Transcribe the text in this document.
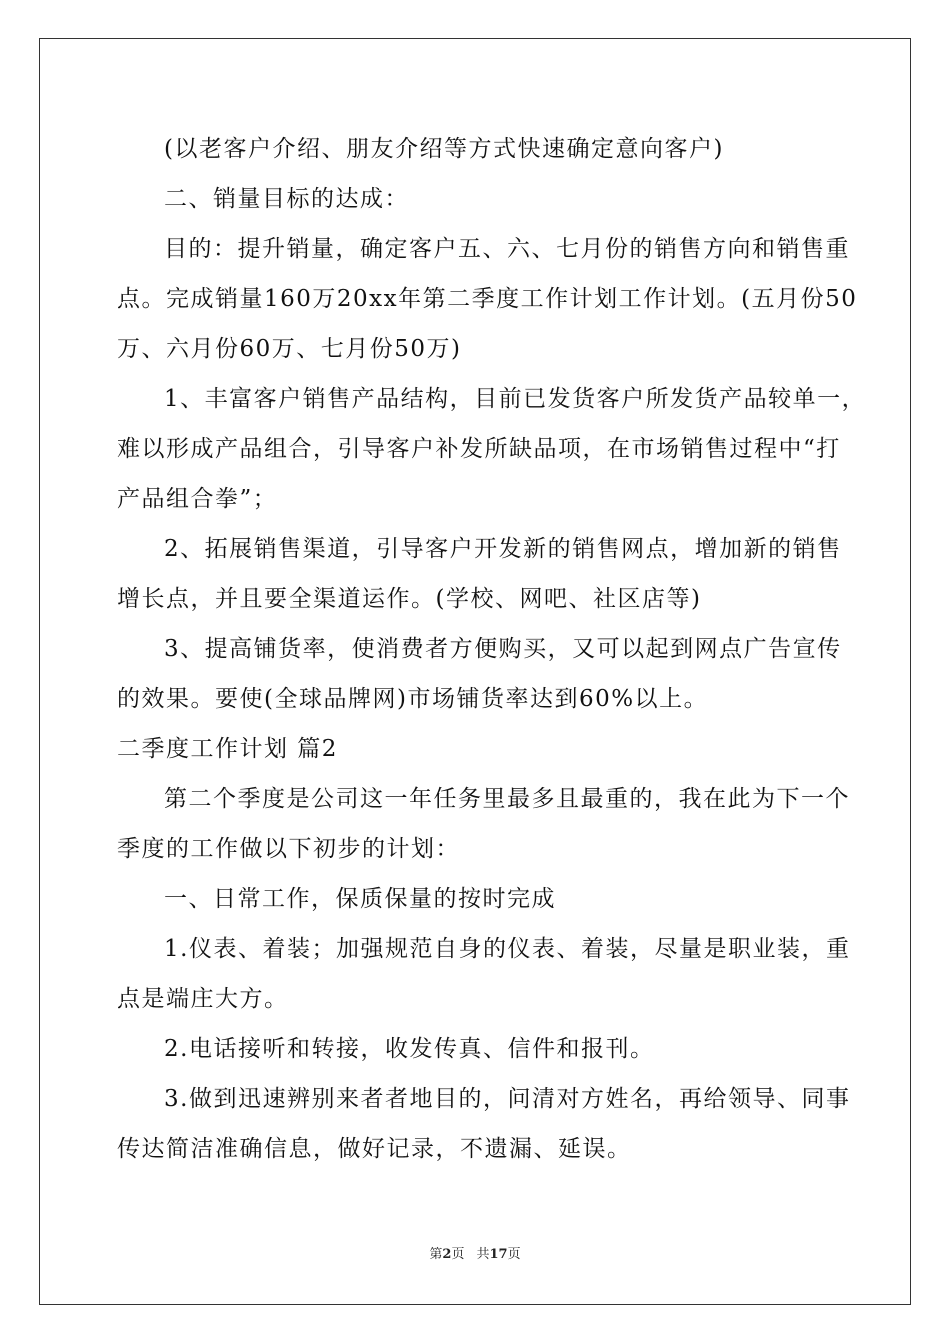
(以老客户介绍、朋友介绍等方式快速确定意向客户)
二、销量目标的达成：
目的：提升销量，确定客户五、六、七月份的销售方向和销售重
点。完成销量160万20xx年第二季度工作计划工作计划。(五月份50
万、六月份60万、七月份50万)
1、丰富客户销售产品结构，目前已发货客户所发货产品较单一，
难以形成产品组合，引导客户补发所缺品项，在市场销售过程中“打
产品组合拳”；
2、拓展销售渠道，引导客户开发新的销售网点，增加新的销售
增长点，并且要全渠道运作。(学校、网吧、社区店等)
3、提高铺货率，使消费者方便购买，又可以起到网点广告宣传
的效果。要使(全球品牌网)市场铺货率达到60%以上。
二季度工作计划 篇2
第二个季度是公司这一年任务里最多且最重的，我在此为下一个
季度的工作做以下初步的计划：
一、日常工作，保质保量的按时完成
1.仪表、着装；加强规范自身的仪表、着装，尽量是职业装，重
点是端庄大方。
2.电话接听和转接，收发传真、信件和报刊。
3.做到迅速辨别来者者地目的，问清对方姓名，再给领导、同事
传达简洁准确信息，做好记录，不遗漏、延误。
第2页 共17页
